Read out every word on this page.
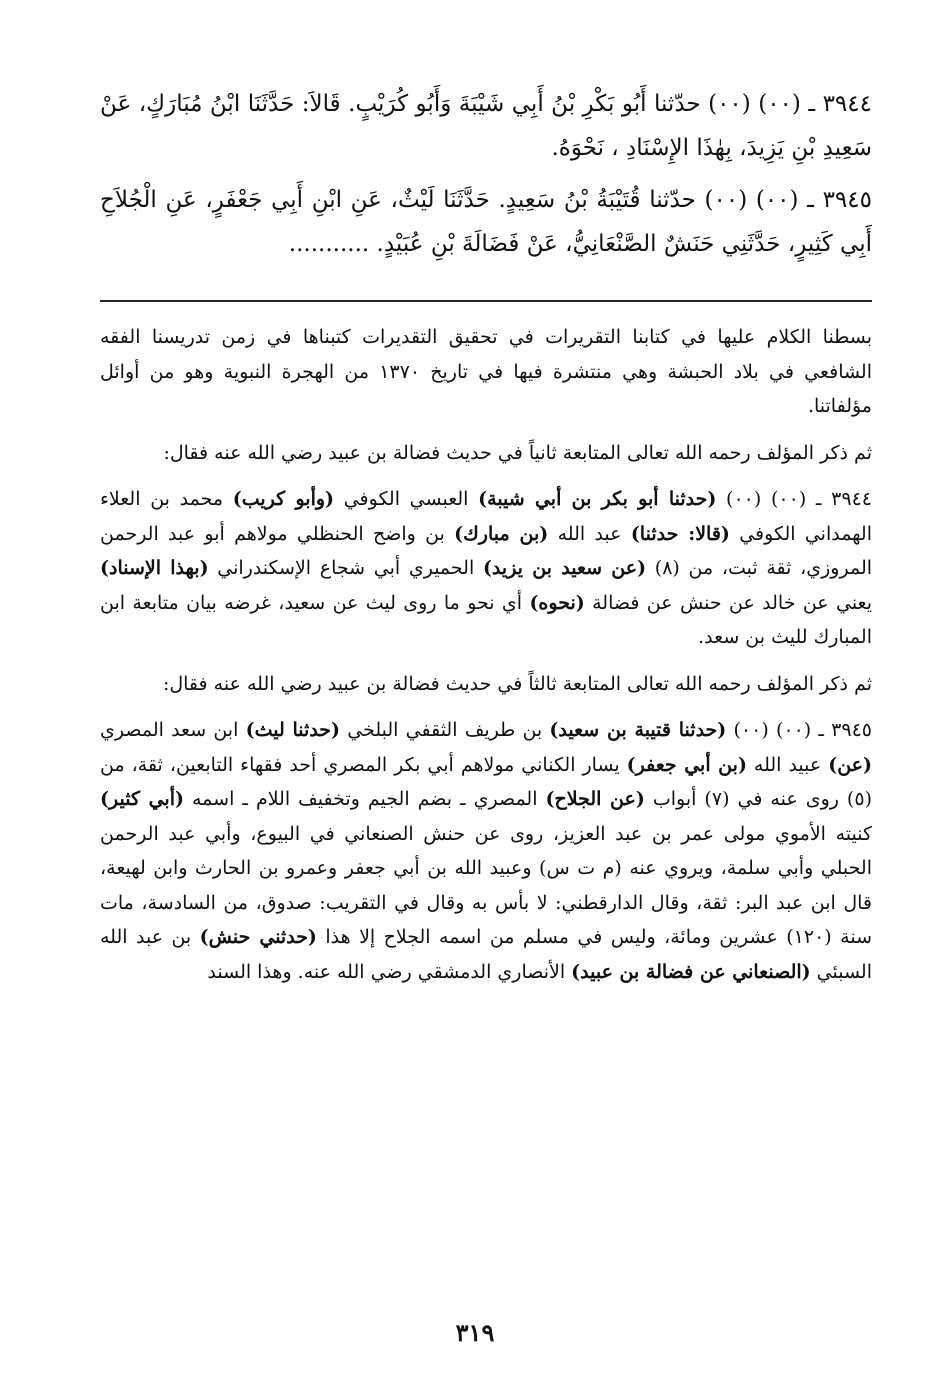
٣٩٤٤ ـ (٠٠) (٠٠) حدّثنا أَبُو بَكْرِ بْنُ أَبِي شَيْبَةَ وَأَبُو كُرَيْبٍ. قَالاَ: حَدَّثَنَا ابْنُ مُبَارَكٍ، عَنْ سَعِيدِ بْنِ يَزِيدَ، بِهٰذَا الإِسْنَادِ ، نَحْوَهُ.

٣٩٤٥ ـ (٠٠) (٠٠) حدّثنا قُتَيْبَةُ بْنُ سَعِيدٍ. حَدَّثَنَا لَيْثٌ، عَنِ ابْنِ أَبِي جَعْفَرٍ، عَنِ الْجُلاَحِ أَبِي كَثِيرٍ، حَدَّثَنِي حَنَشٌ الصَّنْعَانِيُّ، عَنْ فَضَالَةَ بْنِ عُبَيْدٍ. ...........

بسطنا الكلام عليها في كتابنا التقريرات في تحقيق التقديرات كتبناها في زمن تدريسنا الفقه الشافعي في بلاد الحبشة وهي منتشرة فيها في تاريخ ١٣٧٠ من الهجرة النبوية وهو من أوائل مؤلفاتنا.

ثم ذكر المؤلف رحمه الله تعالى المتابعة ثانياً في حديث فضالة بن عبيد رضي الله عنه فقال:

٣٩٤٤ ـ (٠٠) (٠٠) (حدثنا أبو بكر بن أبي شيبة) العبسي الكوفي (وأبو كريب) محمد بن العلاء الهمداني الكوفي (قالا: حدثنا) عبد الله (بن مبارك) بن واضح الحنظلي مولاهم أبو عبد الرحمن المروزي، ثقة ثبت، من (٨) (عن سعيد بن يزيد) الحميري أبي شجاع الإسكندراني (بهذا الإسناد) يعني عن خالد عن حنش عن فضالة (نحوه) أي نحو ما روى ليث عن سعيد، غرضه بيان متابعة ابن المبارك لليث بن سعد.

ثم ذكر المؤلف رحمه الله تعالى المتابعة ثالثاً في حديث فضالة بن عبيد رضي الله عنه فقال:

٣٩٤٥ ـ (٠٠) (٠٠) (حدثنا قتيبة بن سعيد) بن طريف الثقفي البلخي (حدثنا ليث) ابن سعد المصري (عن) عبيد الله (بن أبي جعفر) يسار الكناني مولاهم أبي بكر المصري أحد فقهاء التابعين، ثقة، من (٥) روى عنه في (٧) أبواب (عن الجلاح) المصري ـ بضم الجيم وتخفيف اللام ـ اسمه (أبي كثير) كنيته الأموي مولى عمر بن عبد العزيز، روى عن حنش الصنعاني في البيوع، وأبي عبد الرحمن الحبلي وأبي سلمة، ويروي عنه (م ت س) وعبيد الله بن أبي جعفر وعمرو بن الحارث وابن لهيعة، قال ابن عبد البر: ثقة، وقال الدارقطني: لا بأس به وقال في التقريب: صدوق، من السادسة، مات سنة (١٢٠) عشرين ومائة، وليس في مسلم من اسمه الجلاح إلا هذا (حدثني حنش) بن عبد الله السبئي (الصنعاني عن فضالة بن عبيد) الأنصاري الدمشقي رضي الله عنه. وهذا السند

٣١٩
